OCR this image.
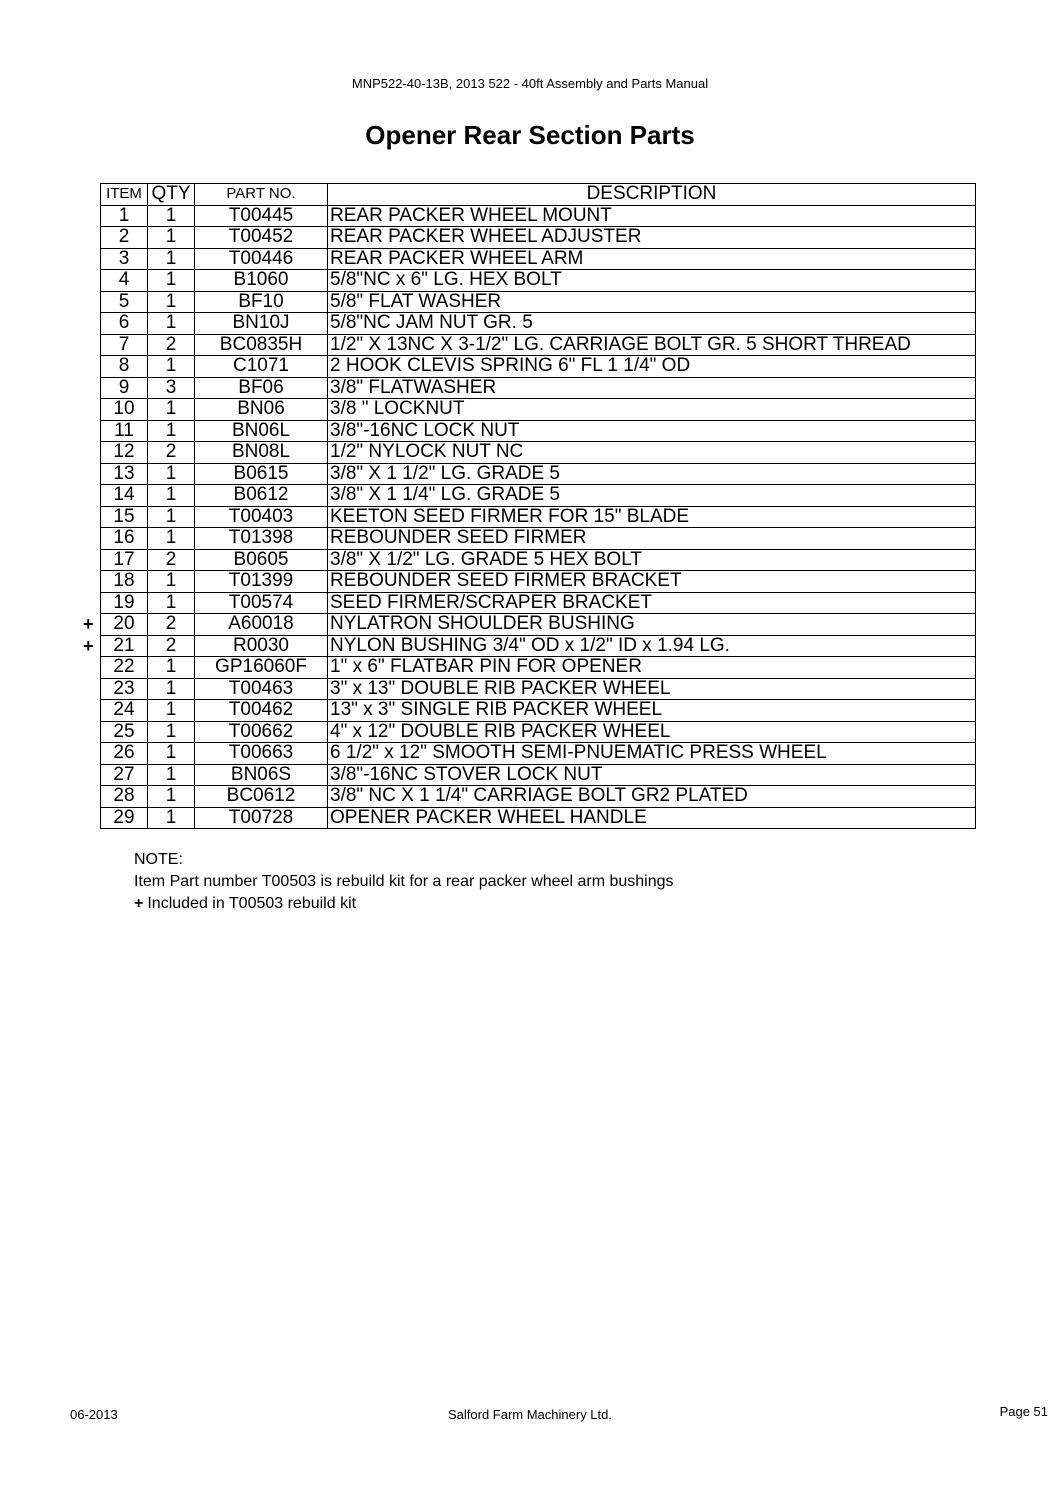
MNP522-40-13B, 2013 522 - 40ft Assembly and Parts Manual
Opener Rear Section Parts
ITEM	QTY	PART NO.	DESCRIPTION
1	1	T00445	REAR PACKER WHEEL MOUNT
2	1	T00452	REAR PACKER WHEEL ADJUSTER
3	1	T00446	REAR PACKER WHEEL ARM
4	1	B1060	5/8"NC x 6" LG. HEX BOLT
5	1	BF10	5/8" FLAT WASHER
6	1	BN10J	5/8"NC JAM NUT GR. 5
7	2	BC0835H	1/2" X 13NC X 3-1/2" LG. CARRIAGE BOLT GR. 5 SHORT THREAD
8	1	C1071	2 HOOK CLEVIS SPRING 6" FL 1 1/4" OD
9	3	BF06	3/8" FLATWASHER
10	1	BN06	3/8 " LOCKNUT
11	1	BN06L	3/8"-16NC LOCK NUT
12	2	BN08L	1/2" NYLOCK NUT NC
13	1	B0615	3/8" X 1 1/2" LG. GRADE 5
14	1	B0612	3/8" X 1 1/4" LG. GRADE 5
15	1	T00403	KEETON SEED FIRMER FOR 15" BLADE
16	1	T01398	REBOUNDER SEED FIRMER
17	2	B0605	3/8" X 1/2" LG. GRADE 5 HEX BOLT
18	1	T01399	REBOUNDER SEED FIRMER BRACKET
19	1	T00574	SEED FIRMER/SCRAPER BRACKET

+ 20	2	A60018	NYLATRON SHOULDER BUSHING

+ 21	2	R0030	NYLON BUSHING 3/4" OD x 1/2" ID x 1.94 LG.
22	1	GP16060F	1" x 6" FLATBAR PIN FOR OPENER
23	1	T00463	3" x 13" DOUBLE RIB PACKER WHEEL
24	1	T00462	13" x 3" SINGLE RIB PACKER WHEEL
25	1	T00662	4" x 12" DOUBLE RIB PACKER WHEEL
26	1	T00663	6 1/2" x 12" SMOOTH SEMI-PNUEMATIC PRESS WHEEL
27	1	BN06S	3/8"-16NC STOVER LOCK NUT
28	1	BC0612	3/8" NC X 1 1/4" CARRIAGE BOLT GR2 PLATED
29	1	T00728	OPENER PACKER WHEEL HANDLE
NOTE:
Item Part number T00503 is rebuild kit for a rear packer wheel arm bushings
+ Included in T00503 rebuild kit
06-2013	Salford Farm Machinery Ltd.	Page 51
